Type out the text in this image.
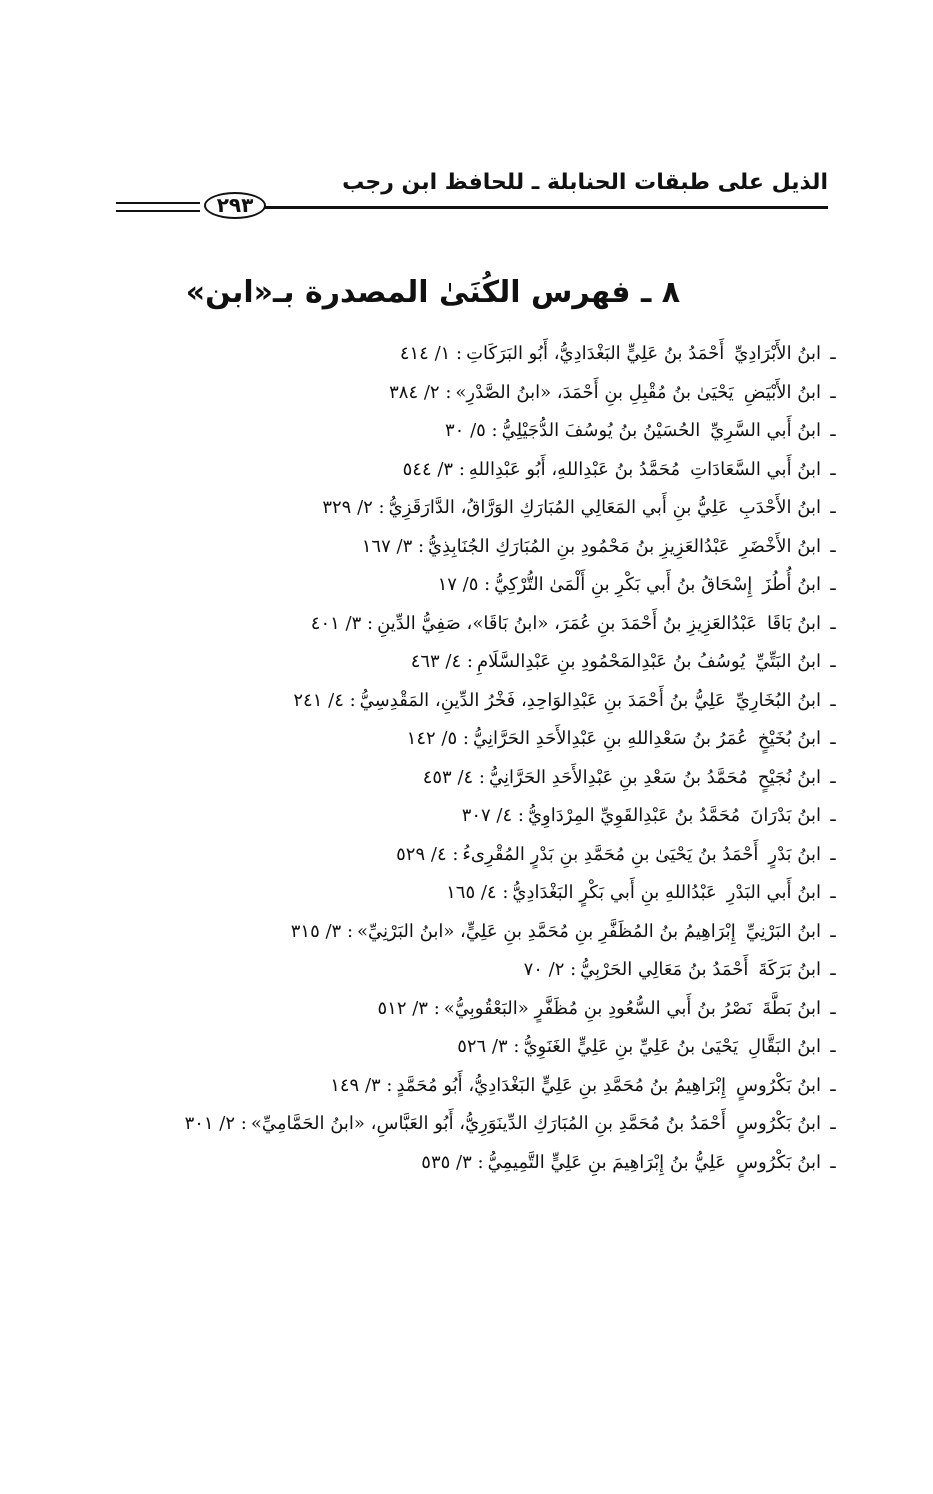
الذيل على طبقات الحنابلة ـ للحافظ ابن رجب
٢٩٣
٨ ـ فهرس الكُنَىٰ المصدرة بـ«ابن»
ـابنُ الأَبْرَادِيِّأَحْمَدُ بنُ عَلِيٍّ البَغْدَادِيُّ، أَبُو البَرَكَاتِ: ١/ ٤١٤
ـابنُ الأَبْيَضِيَحْيَىٰ بنُ مُقْبِلِ بنِ أَحْمَدَ، «ابنُ الصَّدْرِ»: ٢/ ٣٨٤
ـابنُ أَبي السَّرِيِّالحُسَيْنُ بنُ يُوسُفَ الدُّجَيْلِيُّ: ٥/ ٣٠
ـابنُ أَبي السَّعَادَاتِمُحَمَّدُ بنُ عَبْدِاللهِ، أَبُو عَبْدِاللهِ: ٣/ ٥٤٤
ـابنُ الأَحْدَبِعَلِيُّ بنِ أَبي المَعَالِي المُبَارَكِ الوَرَّاقُ، الدَّارَقَزِيُّ: ٢/ ٣٢٩
ـابنُ الأَخْضَرِعَبْدُالعَزِيزِ بنُ مَحْمُودِ بنِ المُبَارَكِ الجُنَابِذِيُّ: ٣/ ١٦٧
ـابنُ أُطُزَإِسْحَاقُ بنُ أَبي بَكْرِ بنِ أَلْمَىٰ التُّرْكِيُّ: ٥/ ١٧
ـابنُ بَاقَاعَبْدُالعَزِيزِ بنُ أَحْمَدَ بنِ عُمَرَ، «ابنُ بَاقَا»، صَفِيُّ الدِّينِ: ٣/ ٤٠١
ـابنُ البَتِّيِّيُوسُفُ بنُ عَبْدِالمَحْمُودِ بنِ عَبْدِالسَّلَامِ: ٤/ ٤٦٣
ـابنُ البُخَارِيِّعَلِيُّ بنُ أَحْمَدَ بنِ عَبْدِالوَاحِدِ، فَخْرُ الدِّينِ، المَقْدِسِيُّ: ٤/ ٢٤١
ـابنُ بُخَيْخٍعُمَرُ بنُ سَعْدِاللهِ بنِ عَبْدِالأَحَدِ الحَرَّانِيُّ: ٥/ ١٤٢
ـابنُ نُجَيْحٍمُحَمَّدُ بنُ سَعْدِ بنِ عَبْدِالأَحَدِ الحَرَّانِيُّ: ٤/ ٤٥٣
ـابنُ بَدْرَانَمُحَمَّدُ بنُ عَبْدِالقَوِيِّ المِرْدَاوِيُّ: ٤/ ٣٠٧
ـابنُ بَدْرٍأَحْمَدُ بنُ يَحْيَىٰ بنِ مُحَمَّدِ بنِ بَدْرٍ المُقْرِىءُ: ٤/ ٥٢٩
ـابنُ أَبي البَدْرِعَبْدُاللهِ بنِ أَبي بَكْرٍ البَغْدَادِيُّ: ٤/ ١٦٥
ـابنُ البَرْنِيِّإِبْرَاهِيمُ بنُ المُظَفَّرِ بنِ مُحَمَّدِ بنِ عَلِيٍّ، «ابنُ البَرْنِيِّ»: ٣/ ٣١٥
ـابنُ بَرَكَةَأَحْمَدُ بنُ مَعَالِي الحَرْبِيُّ: ٢/ ٧٠
ـابنُ بَطَّةَنَصْرُ بنُ أَبي السُّعُودِ بنِ مُظَفَّرٍ «البَعْقُوبِيُّ»: ٣/ ٥١٢
ـابنُ البَقَّالِيَحْيَىٰ بنُ عَلِيِّ بنِ عَلِيٍّ الغَنَوِيُّ: ٣/ ٥٢٦
ـابنُ بَكْرُوسٍإِبْرَاهِيمُ بنُ مُحَمَّدِ بنِ عَلِيٍّ البَغْدَادِيُّ، أَبُو مُحَمَّدٍ: ٣/ ١٤٩
ـابنُ بَكْرُوسٍأَحْمَدُ بنُ مُحَمَّدِ بنِ المُبَارَكِ الدِّينَوَرِيُّ، أَبُو العَبَّاسِ، «ابنُ الحَمَّامِيِّ»: ٢/ ٣٠١
ـابنُ بَكْرُوسٍعَلِيُّ بنُ إِبْرَاهِيمَ بنِ عَلِيٍّ التَّمِيمِيُّ: ٣/ ٥٣٥
